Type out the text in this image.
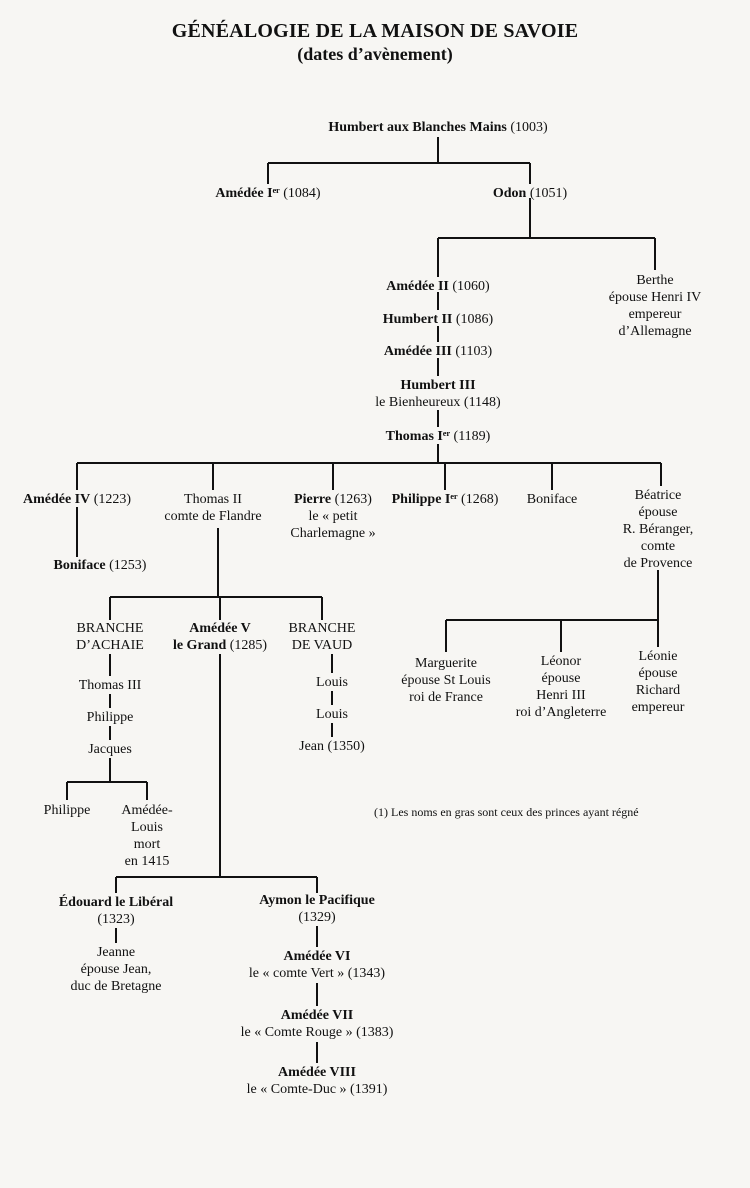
GÉNÉALOGIE DE LA MAISON DE SAVOIE
(dates d’avènement)
Humbert aux Blanches Mains (1003)
Amédée Iᵉʳ (1084)	Odon (1051)
Amédée II (1060)	Berthe
épouse Henri IV
empereur
d’Allemagne
Humbert II (1086)
Amédée III (1103)
Humbert III
le Bienheureux (1148)
Thomas Iᵉʳ (1189)
Amédée IV (1223)	Thomas II
comte de Flandre
Pierre (1263)
le « petit
Charlemagne »
Philippe Iᵉʳ (1268) Boniface	Béatrice
épouse
R. Béranger,
comte
de Provence
Boniface (1253)
BRANCHE
D’ACHAIE
Amédée V
le Grand (1285)
BRANCHE
DE VAUD
Thomas III
Philippe
Jacques
Philippe Amédée-
Louis
mort
en 1415
Louis
Louis
Jean (1350)
Marguerite
épouse St Louis
roi de France
Léonor
épouse
Henri III
roi d’Angleterre
Léonie
épouse
Richard
empereur
Édouard le Libéral
(1323)
Aymon le Pacifique
(1329)
Jeanne
épouse Jean,
duc de Bretagne
Amédée VI
le « comte Vert » (1343)
Amédée VII
le « Comte Rouge » (1383)
Amédée VIII
le « Comte-Duc » (1391)
(1) Les noms en gras sont ceux des princes ayant régné
